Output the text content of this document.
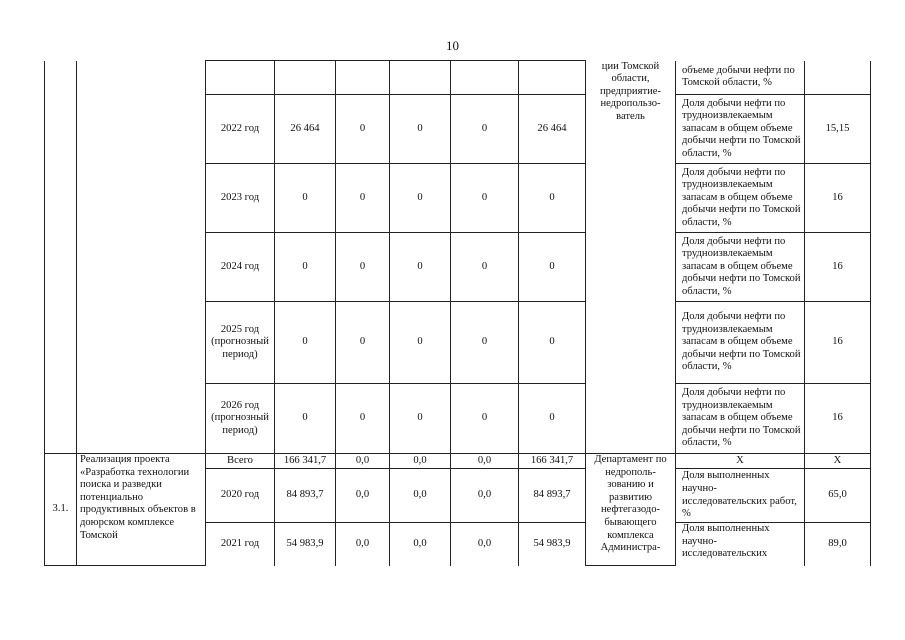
10
								ции Томской области, предприятие-недропользователь	объеме добычи нефти по Томской области, %	
		2022 год	26 464	0	0	0	26 464		Доля добычи нефти по трудноизвлекаемым запасам в общем объеме добычи нефти по Томской области, %	15,15
		2023 год	0	0	0	0	0		Доля добычи нефти по трудноизвлекаемым запасам в общем объеме добычи нефти по Томской области, %	16
		2024 год	0	0	0	0	0		Доля добычи нефти по трудноизвлекаемым запасам в общем объеме добычи нефти по Томской области, %	16
		2025 год (прогнозный период)	0	0	0	0	0		Доля добычи нефти по трудноизвлекаемым запасам в общем объеме добычи нефти по Томской области, %	16
		2026 год (прогнозный период)	0	0	0	0	0		Доля добычи нефти по трудноизвлекаемым запасам в общем объеме добычи нефти по Томской области, %	16
3.1.	Реализация проекта «Разработка технологии поиска и разведки потенциально продуктивных объектов в доюрском комплексе Томской	Всего	166 341,7	0,0	0,0	0,0	166 341,7	Департамент по недропользованию и развитию нефтегазодобывающего комплекса Администра-	Х	Х
		2020 год	84 893,7	0,0	0,0	0,0	84 893,7		Доля выполненных научно-исследовательских работ, %	65,0
		2021 год	54 983,9	0,0	0,0	0,0	54 983,9		Доля выполненных научно-исследовательских	89,0
